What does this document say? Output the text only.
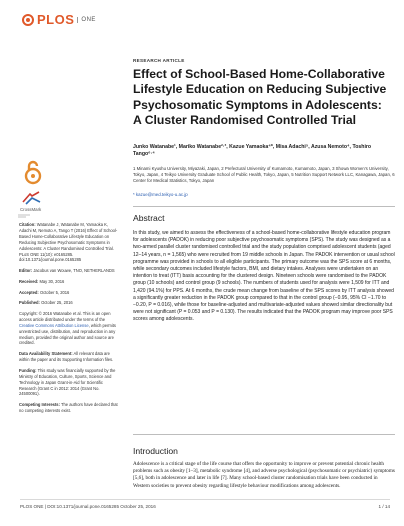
PLOS	ONE
RESEARCH ARTICLE
Effect of School-Based Home-Collaborative Lifestyle Education on Reducing Subjective Psychosomatic Symptoms in Adolescents: A Cluster Randomised Controlled Trial
Junko Watanabe¹, Mariko Watanabe²·³, Kazue Yamaoka⁴*, Misa Adachi⁵, Azusa Nemoto⁴, Toshiro Tango⁶·⁴
1 Minami Kyushu University, Miyazaki, Japan, 2 Prefectural University of Kumamoto, Kumamoto, Japan, 3 Showa Women’s University, Tokyo, Japan, 4 Teikyo University Graduate School of Public Health, Tokyo, Japan, 5 Nutrition Support Network LLC, Kanagawa, Japan, 6 Center for Medical Statistics, Tokyo, Japan
* kazue@med.teikyo-u.ac.jp
CrossMark
Citation: Watanabe J, Watanabe M, Yamaoka K, Adachi M, Nemoto A, Tango T (2016) Effect of School-Based Home-Collaborative Lifestyle Education on Reducing Subjective Psychosomatic Symptoms in Adolescents: A Cluster Randomised Controlled Trial. PLoS ONE 11(10): e0165285. doi:10.1371/journal.pone.0165285
Editor: Jacobus van Wouwe, TNO, NETHERLANDS
Received: May 30, 2016
Accepted: October 5, 2016
Published: October 25, 2016
Copyright: © 2016 Watanabe et al. This is an open access article distributed under the terms of the Creative Commons Attribution License, which permits unrestricted use, distribution, and reproduction in any medium, provided the original author and source are credited.
Data Availability Statement: All relevant data are within the paper and its Supporting Information files.
Funding: This study was financially supported by the Ministry of Education, Culture, Sports, Science and Technology in Japan Grant-in-Aid for Scientific Research (Grant C in 2012: 2014 (Grant No. 24500091).
Competing Interests: The authors have declared that no competing interests exist.
Abstract

In this study, we aimed to assess the effectiveness of a school-based home-collaborative lifestyle education program for adolescents (PADOK) in reducing poor subjective psychosomatic symptoms (SPS). The study was designed as a two-armed parallel cluster randomised controlled trial and the study population comprised adolescent students (aged 12–14 years, n = 1,565) who were recruited from 19 middle schools in Japan. The PADOK intervention or usual school programme was provided in schools to all eligible participants. The primary outcome was the SPS score at 6 months, while secondary outcomes included lifestyle factors, BMI, and dietary intakes. Analyses were undertaken on an intention to treat (ITT) basis accounting for the clustered design. Nineteen schools were randomised to the PADOK group (10 schools) and control group (9 schools). The numbers of students used for analysis were 1,509 for ITT and 1,420 (94.1%) for PPS. At 6 months, the crude mean change from baseline of the SPS scores by ITT analysis showed a significantly greater reduction in the PADOK group compared to that in the control group (−0.95, 95% CI −1.70 to −0.20, P = 0.016), while those for baseline-adjusted and multivariate-adjusted values showed similar directionality but were not significant (P = 0.053 and P = 0.130). The results indicated that the PADOK program may improve poor SPS scores among adolescents.

Introduction

Adolescence is a critical stage of the life course that offers the opportunity to improve or prevent potential chronic health problems such as obesity [1–3], metabolic syndrome [4], and adverse psychological (psychosomatic or psychiatric) symptoms [5,6], both in adolescence and later in life [7]. Many school-based cluster randomisation trials have been conducted in Western societies to prevent obesity regarding lifestyle behaviour modifications among adolescents.

PLOS ONE | DOI:10.1371/journal.pone.0165285 October 25, 2016	1 / 14
